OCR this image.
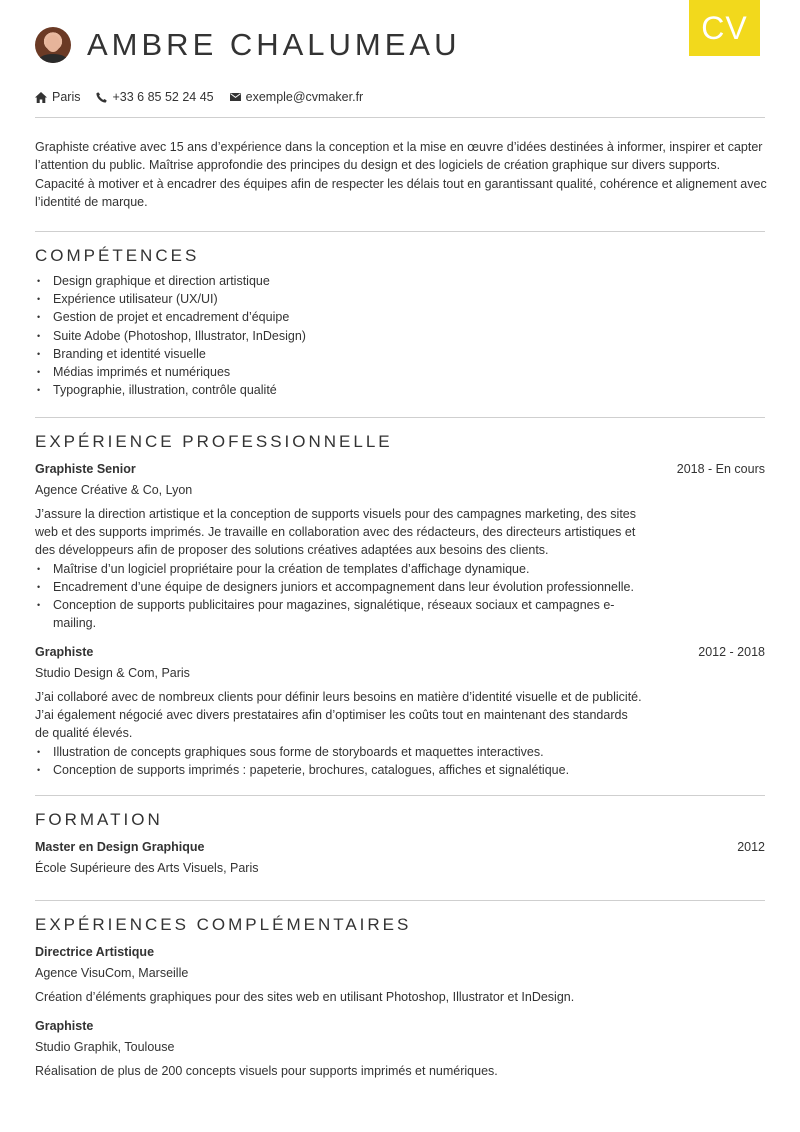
CV
AMBRE CHALUMEAU
Paris	+33 6 85 52 24 45	exemple@cvmaker.fr

Graphiste créative avec 15 ans d’expérience dans la conception et la mise en œuvre d’idées destinées à informer, inspirer et capter l’attention du public. Maîtrise approfondie des principes du design et des logiciels de création graphique sur divers supports. Capacité à motiver et à encadrer des équipes afin de respecter les délais tout en garantissant qualité, cohérence et alignement avec l’identité de marque.

COMPÉTENCES
• Design graphique et direction artistique
• Expérience utilisateur (UX/UI)
• Gestion de projet et encadrement d’équipe
• Suite Adobe (Photoshop, Illustrator, InDesign)
• Branding et identité visuelle
• Médias imprimés et numériques
• Typographie, illustration, contrôle qualité
EXPÉRIENCE PROFESSIONNELLE
Graphiste Senior
Agence Créative & Co, Lyon
2018 - En cours

J’assure la direction artistique et la conception de supports visuels pour des campagnes marketing, des sites web et des supports imprimés. Je travaille en collaboration avec des rédacteurs, des directeurs artistiques et des développeurs afin de proposer des solutions créatives adaptées aux besoins des clients.

• Maîtrise d’un logiciel propriétaire pour la création de templates d’affichage dynamique.
• Encadrement d’une équipe de designers juniors et accompagnement dans leur évolution professionnelle.
• Conception de supports publicitaires pour magazines, signalétique, réseaux sociaux et campagnes e-mailing.
Graphiste
Studio Design & Com, Paris
2012 - 2018

J’ai collaboré avec de nombreux clients pour définir leurs besoins en matière d’identité visuelle et de publicité. J’ai également négocié avec divers prestataires afin d’optimiser les coûts tout en maintenant des standards de qualité élevés.

• Illustration de concepts graphiques sous forme de storyboards et maquettes interactives.
• Conception de supports imprimés : papeterie, brochures, catalogues, affiches et signalétique.
FORMATION
Master en Design Graphique
École Supérieure des Arts Visuels, Paris
2012
EXPÉRIENCES COMPLÉMENTAIRES
Directrice Artistique
Agence VisuCom, Marseille

Création d’éléments graphiques pour des sites web en utilisant Photoshop, Illustrator et InDesign.

Graphiste
Studio Graphik, Toulouse

Réalisation de plus de 200 concepts visuels pour supports imprimés et numériques.
